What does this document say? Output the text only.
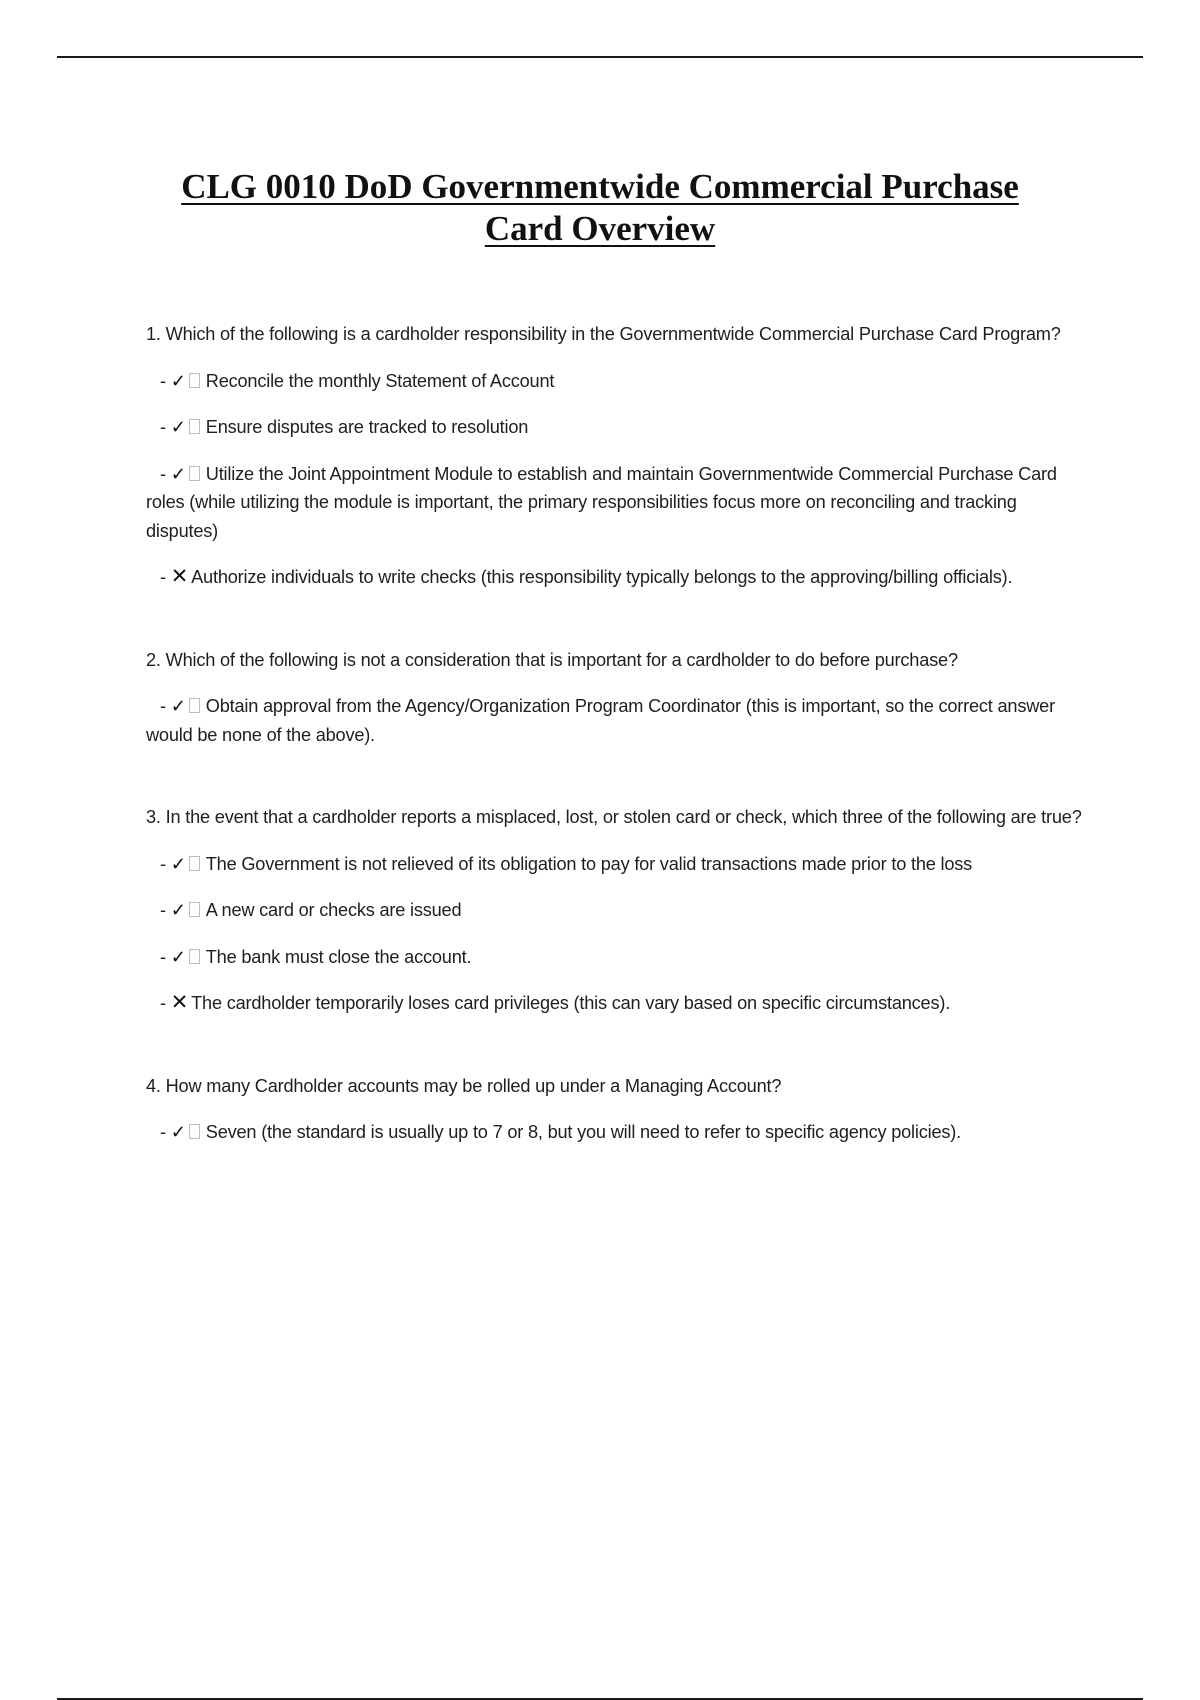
CLG 0010 DoD Governmentwide Commercial Purchase
Card Overview

1. Which of the following is a cardholder responsibility in the Governmentwide Commercial Purchase Card Program?

- ✓ Reconcile the monthly Statement of Account

- ✓ Ensure disputes are tracked to resolution

- ✓ Utilize the Joint Appointment Module to establish and maintain Governmentwide Commercial Purchase Card roles (while utilizing the module is important, the primary responsibilities focus more on reconciling and tracking disputes)

- ✕ Authorize individuals to write checks (this responsibility typically belongs to the approving/billing officials).

2. Which of the following is not a consideration that is important for a cardholder to do before purchase?

- ✓ Obtain approval from the Agency/Organization Program Coordinator (this is important, so the correct answer would be none of the above).

3. In the event that a cardholder reports a misplaced, lost, or stolen card or check, which three of the following are true?

- ✓ The Government is not relieved of its obligation to pay for valid transactions made prior to the loss

- ✓ A new card or checks are issued

- ✓ The bank must close the account.

- ✕ The cardholder temporarily loses card privileges (this can vary based on specific circumstances).

4. How many Cardholder accounts may be rolled up under a Managing Account?

- ✓ Seven (the standard is usually up to 7 or 8, but you will need to refer to specific agency policies).
